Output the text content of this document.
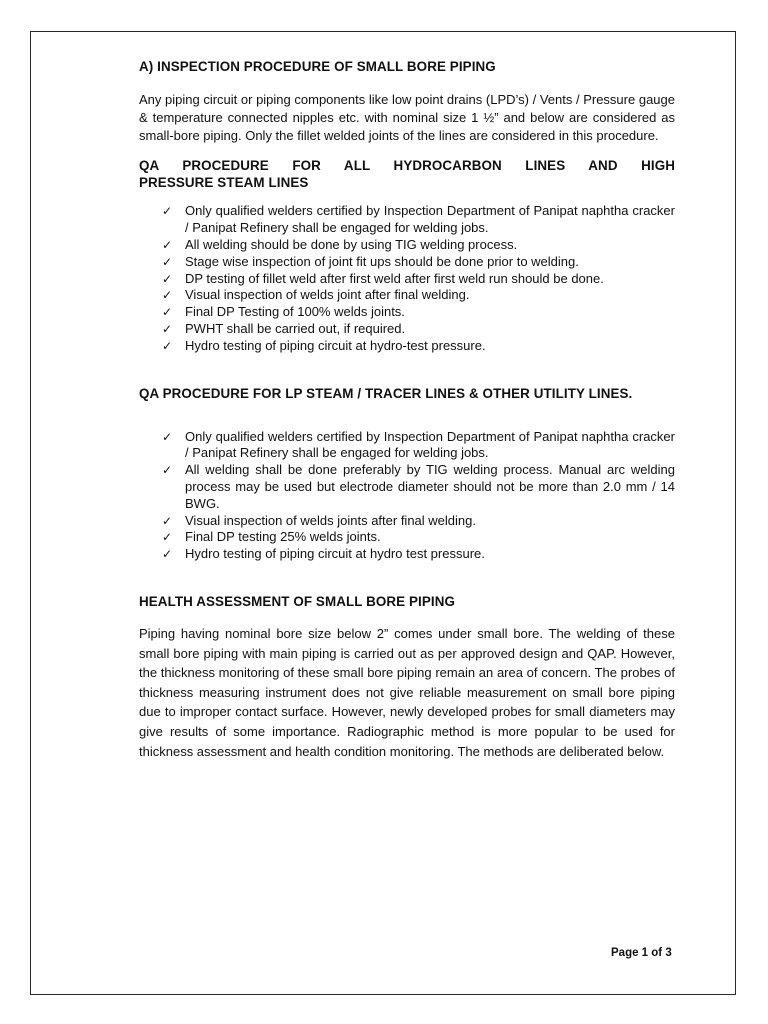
A) INSPECTION PROCEDURE OF SMALL BORE PIPING

Any piping circuit or piping components like low point drains (LPD’s) / Vents / Pressure gauge & temperature connected nipples etc. with nominal size 1 ½” and below are considered as small-bore piping. Only the fillet welded joints of the lines are considered in this procedure.

QA PROCEDURE FOR ALL HYDROCARBON LINES AND HIGH
PRESSURE STEAM LINES
✓ Only qualified welders certified by Inspection Department of Panipat naphtha cracker / Panipat Refinery shall be engaged for welding jobs.
✓ All welding should be done by using TIG welding process.
✓ Stage wise inspection of joint fit ups should be done prior to welding.
✓ DP testing of fillet weld after first weld after first weld run should be done.
✓ Visual inspection of welds joint after final welding.
✓ Final DP Testing of 100% welds joints.
✓ PWHT shall be carried out, if required.
✓ Hydro testing of piping circuit at hydro-test pressure.
QA PROCEDURE FOR LP STEAM / TRACER LINES & OTHER UTILITY LINES.
✓ Only qualified welders certified by Inspection Department of Panipat naphtha cracker / Panipat Refinery shall be engaged for welding jobs.
✓ All welding shall be done preferably by TIG welding process. Manual arc welding process may be used but electrode diameter should not be more than 2.0 mm / 14 BWG.
✓ Visual inspection of welds joints after final welding.
✓ Final DP testing 25% welds joints.
✓ Hydro testing of piping circuit at hydro test pressure.
HEALTH ASSESSMENT OF SMALL BORE PIPING

Piping having nominal bore size below 2” comes under small bore. The welding of these small bore piping with main piping is carried out as per approved design and QAP. However, the thickness monitoring of these small bore piping remain an area of concern. The probes of thickness measuring instrument does not give reliable measurement on small bore piping due to improper contact surface. However, newly developed probes for small diameters may give results of some importance. Radiographic method is more popular to be used for thickness assessment and health condition monitoring. The methods are deliberated below.

Page 1 of 3
